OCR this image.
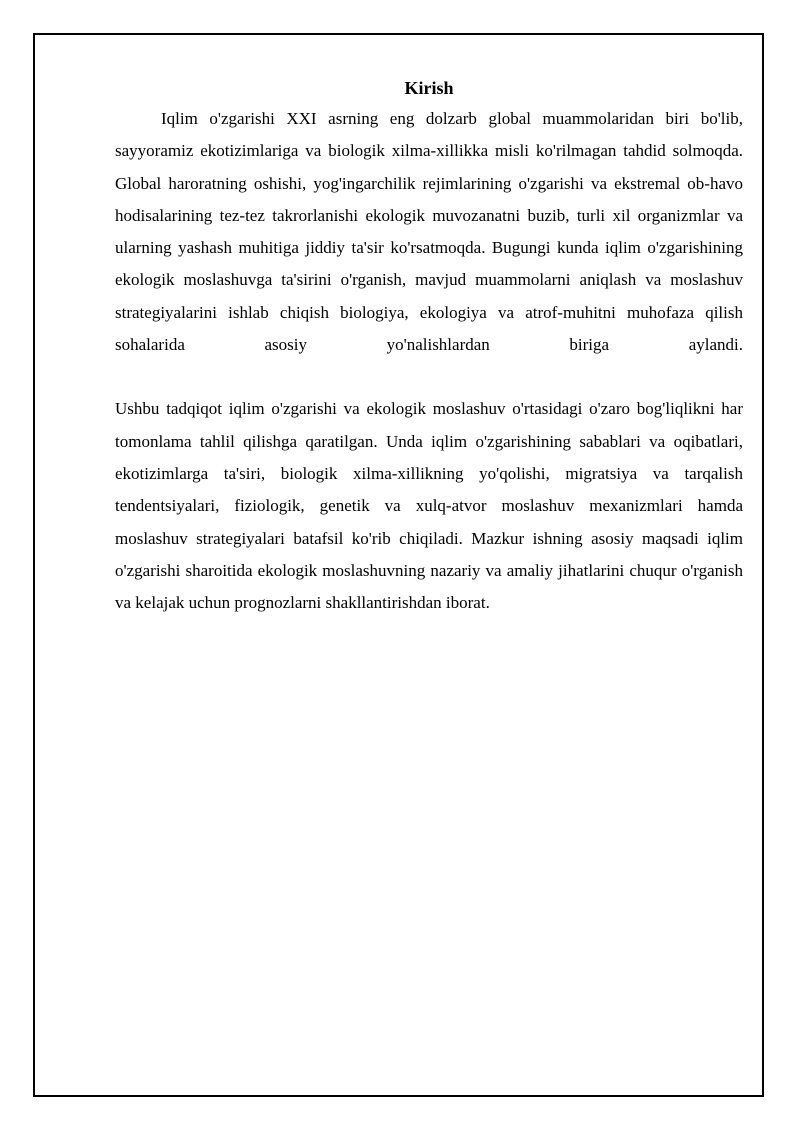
Kirish

Iqlim o'zgarishi XXI asrning eng dolzarb global muammolaridan biri bo'lib, sayyoramiz ekotizimlariga va biologik xilma-xillikka misli ko'rilmagan tahdid solmoqda. Global haroratning oshishi, yog'ingarchilik rejimlarining o'zgarishi va ekstremal ob-havo hodisalarining tez-tez takrorlanishi ekologik muvozanatni buzib, turli xil organizmlar va ularning yashash muhitiga jiddiy ta'sir ko'rsatmoqda. Bugungi kunda iqlim o'zgarishining ekologik moslashuvga ta'sirini o'rganish, mavjud muammolarni aniqlash va moslashuv strategiyalarini ishlab chiqish biologiya, ekologiya va atrof-muhitni muhofaza qilish sohalarida asosiy yo'nalishlardan biriga aylandi.

Ushbu tadqiqot iqlim o'zgarishi va ekologik moslashuv o'rtasidagi o'zaro bog'liqlikni har tomonlama tahlil qilishga qaratilgan. Unda iqlim o'zgarishining sabablari va oqibatlari, ekotizimlarga ta'siri, biologik xilma-xillikning yo'qolishi, migratsiya va tarqalish tendentsiyalari, fiziologik, genetik va xulq-atvor moslashuv mexanizmlari hamda moslashuv strategiyalari batafsil ko'rib chiqiladi. Mazkur ishning asosiy maqsadi iqlim o'zgarishi sharoitida ekologik moslashuvning nazariy va amaliy jihatlarini chuqur o'rganish va kelajak uchun prognozlarni shakllantirishdan iborat.
